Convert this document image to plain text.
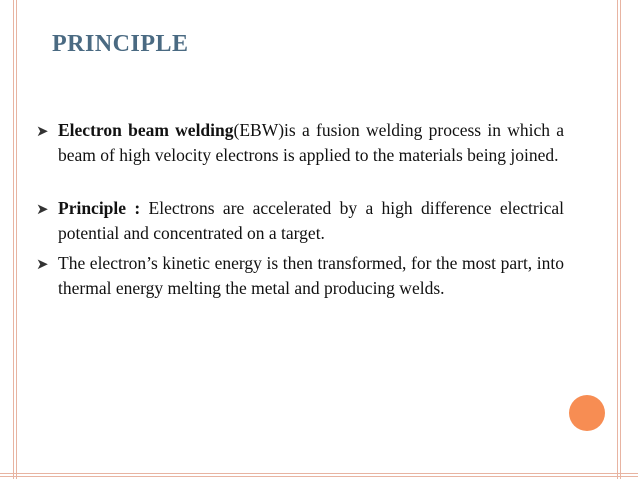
PRINCIPLE
➤ Electron beam welding(EBW)is a fusion welding process in which a beam of high velocity electrons is applied to the materials being joined.
➤ Principle : Electrons are accelerated by a high difference electrical potential and concentrated on a target.
➤ The electron’s kinetic energy is then transformed, for the most part, into thermal energy melting the metal and producing welds.
